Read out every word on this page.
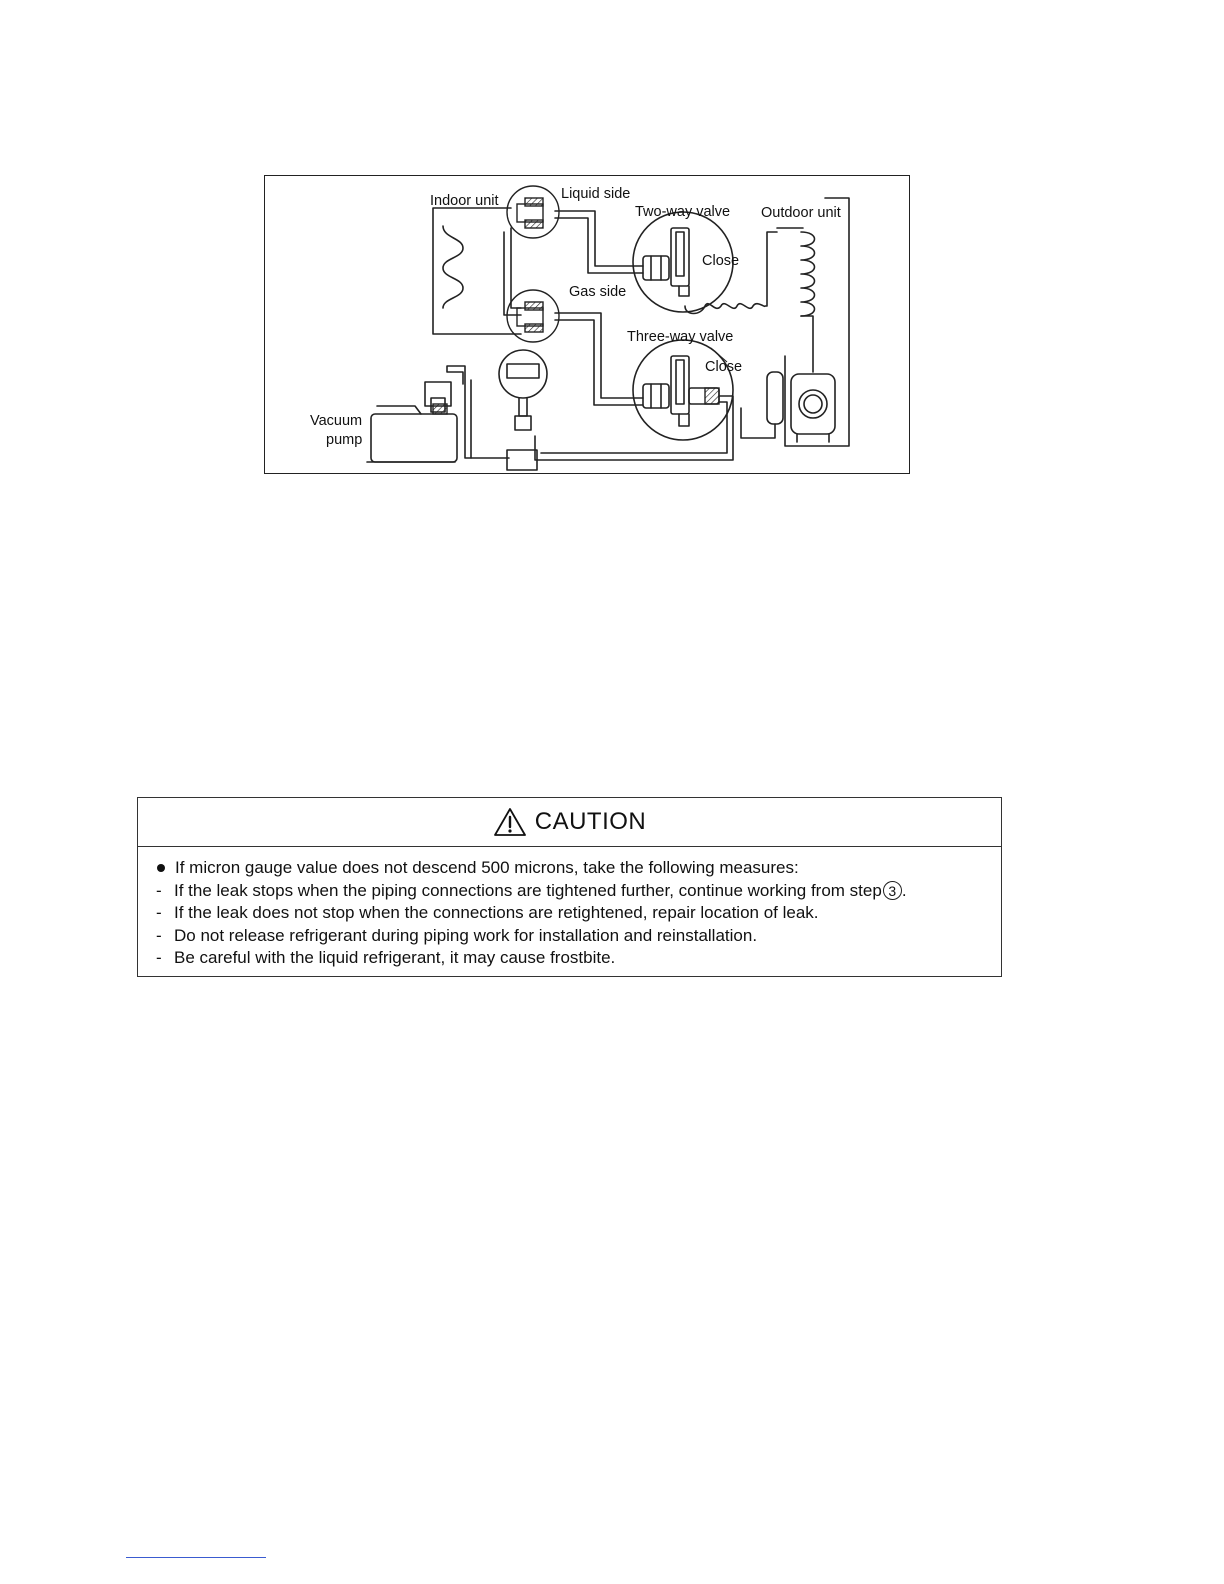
Indoor unit	Liquid side
Two-way valve Outdoor unit
Close
Gas side
Three-way valve
Close
Vacuum
pump
CAUTION
If micron gauge value does not descend 500 microns, take the following measures:
- If the leak stops when the piping connections are tightened further, continue working from step 3 .
- If the leak does not stop when the connections are retightened, repair location of leak.
- Do not release refrigerant during piping work for installation and reinstallation.
- Be careful with the liquid refrigerant, it may cause frostbite.
